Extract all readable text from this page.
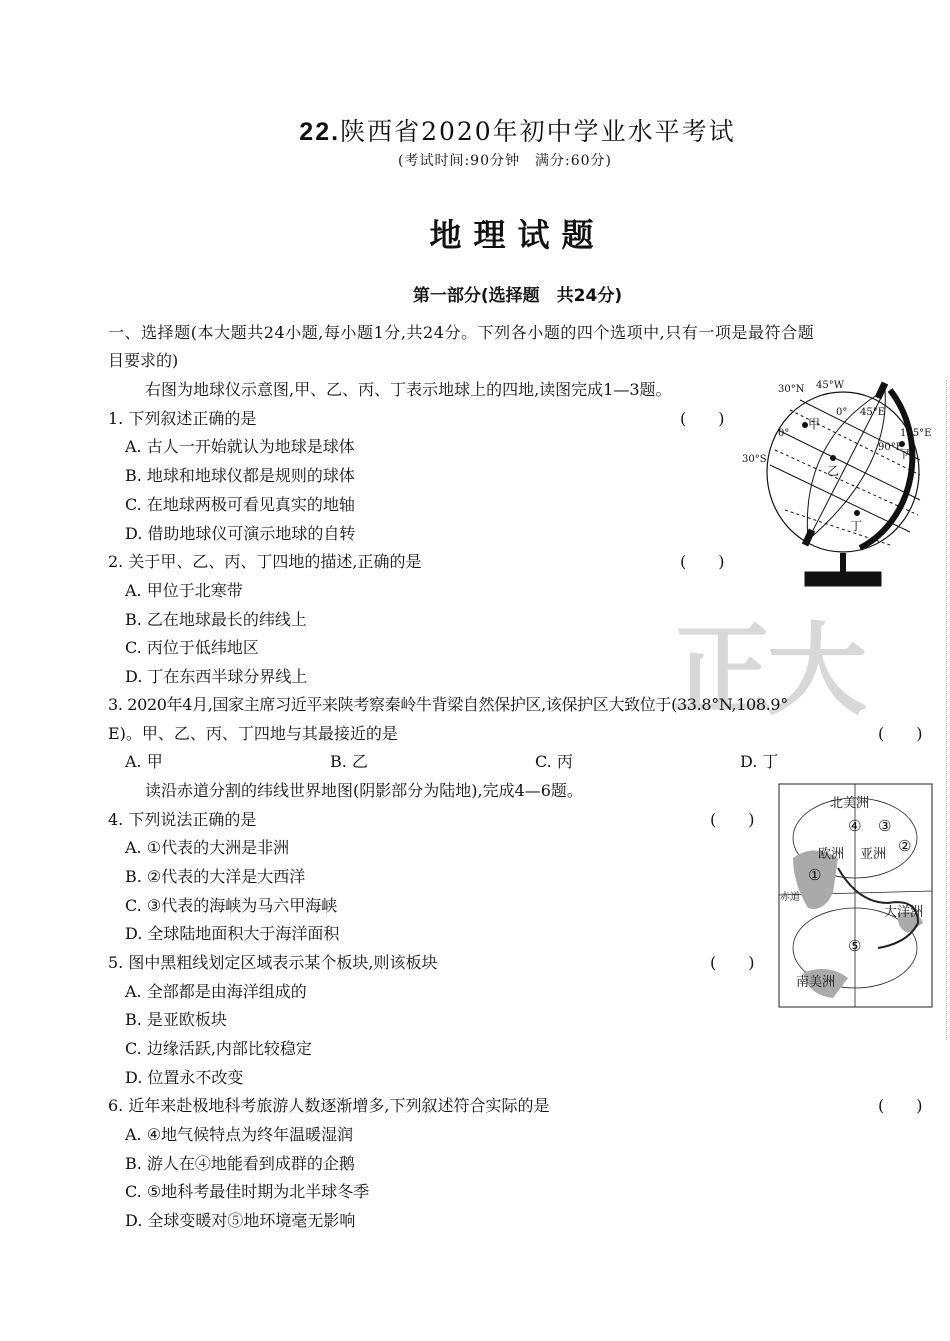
正大
22.陕西省2020年初中学业水平考试
(考试时间:90分钟　满分:60分)
地理试题
第一部分(选择题　共24分)
一、选择题(本大题共24小题,每小题1分,共24分。下列各小题的四个选项中,只有一项是最符合题
目要求的)
右图为地球仪示意图,甲、乙、丙、丁表示地球上的四地,读图完成1—3题。
1. 下列叙述正确的是	(　　)
A. 古人一开始就认为地球是球体
B. 地球和地球仪都是规则的球体
C. 在地球两极可看见真实的地轴
D. 借助地球仪可演示地球的自转
2. 关于甲、乙、丙、丁四地的描述,正确的是	(　　)
A. 甲位于北寒带
B. 乙在地球最长的纬线上
C. 丙位于低纬地区
D. 丁在东西半球分界线上
3. 2020年4月,国家主席习近平来陕考察秦岭牛背梁自然保护区,该保护区大致位于(33.8°N,108.9°
E)。甲、乙、丙、丁四地与其最接近的是	(　　)
A. 甲	B. 乙	C. 丙	D. 丁
读沿赤道分割的纬线世界地图(阴影部分为陆地),完成4—6题。
4. 下列说法正确的是	(　　)
A. ①代表的大洲是非洲
B. ②代表的大洋是大西洋
C. ③代表的海峡为马六甲海峡
D. 全球陆地面积大于海洋面积
5. 图中黑粗线划定区域表示某个板块,则该板块	(　　)
A. 全部都是由海洋组成的
B. 是亚欧板块
C. 边缘活跃,内部比较稳定
D. 位置永不改变
6. 近年来赴极地科考旅游人数逐渐增多,下列叙述符合实际的是	(　　)
A. ④地气候特点为终年温暖湿润
B. 游人在④地能看到成群的企鹅
C. ⑤地科考最佳时期为北半球冬季
D. 全球变暖对⑤地环境毫无影响
30°N 45°W
0° 45°E
90°E
135°E
0°
30°S
甲
乙
丙
丁
北美洲
欧洲 亚洲
大洋洲
南美洲
赤道
①
②
③
④
⑤
